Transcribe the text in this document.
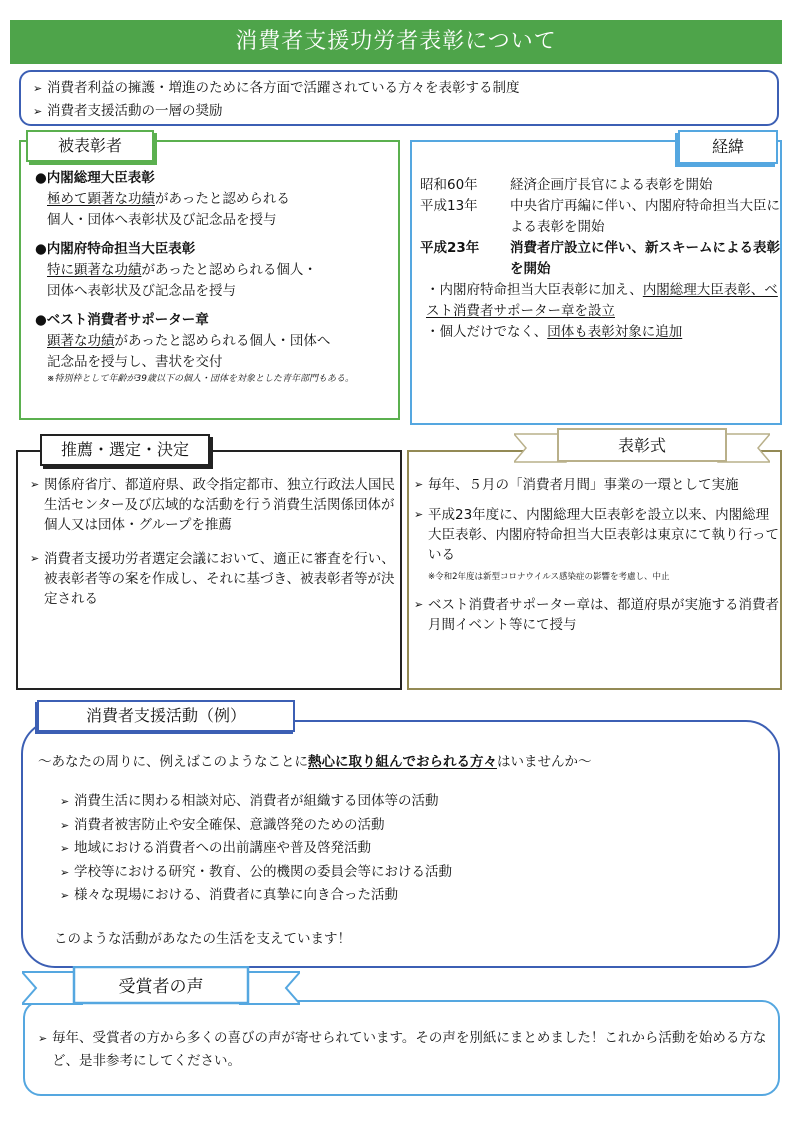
消費者支援功労者表彰について
➢ 消費者利益の擁護・増進のために各方面で活躍されている方々を表彰する制度
➢ 消費者支援活動の一層の奨励
被表彰者
●内閣総理大臣表彰
極めて顕著な功績があったと認められる
個人・団体へ表彰状及び記念品を授与
●内閣府特命担当大臣表彰
特に顕著な功績があったと認められる個人・
団体へ表彰状及び記念品を授与
●ベスト消費者サポーター章
顕著な功績があったと認められる個人・団体へ
記念品を授与し、書状を交付
※特別枠として年齢が39歳以下の個人・団体を対象とした青年部門もある。
経緯
昭和60年	経済企画庁長官による表彰を開始
平成13年	中央省庁再編に伴い、内閣府特命担当大臣による表彰を開始
平成23年	消費者庁設立に伴い、新スキームによる表彰を開始
・内閣府特命担当大臣表彰に加え、内閣総理大臣表彰、ベスト消費者サポーター章を設立
・個人だけでなく、団体も表彰対象に追加
推薦・選定・決定
➢ 関係府省庁、都道府県、政令指定都市、独立行政法人国民生活センター及び広域的な活動を行う消費生活関係団体が個人又は団体・グループを推薦
➢ 消費者支援功労者選定会議において、適正に審査を行い、被表彰者等の案を作成し、それに基づき、被表彰者等が決定される
表彰式
➢ 毎年、５月の「消費者月間」事業の一環として実施
➢ 平成23年度に、内閣総理大臣表彰を設立以来、内閣総理大臣表彰、内閣府特命担当大臣表彰は東京にて執り行っている
※令和2年度は新型コロナウイルス感染症の影響を考慮し、中止
➢ ベスト消費者サポーター章は、都道府県が実施する消費者月間イベント等にて授与
消費者支援活動（例）
～あなたの周りに、例えばこのようなことに熱心に取り組んでおられる方々はいませんか～
➢ 消費生活に関わる相談対応、消費者が組織する団体等の活動
➢ 消費者被害防止や安全確保、意識啓発のための活動
➢ 地域における消費者への出前講座や普及啓発活動
➢ 学校等における研究・教育、公的機関の委員会等における活動
➢ 様々な現場における、消費者に真摯に向き合った活動
このような活動があなたの生活を支えています！
受賞者の声
➢ 毎年、受賞者の方から多くの喜びの声が寄せられています。その声を別紙にまとめました！これから活動を始める方など、是非参考にしてください。
